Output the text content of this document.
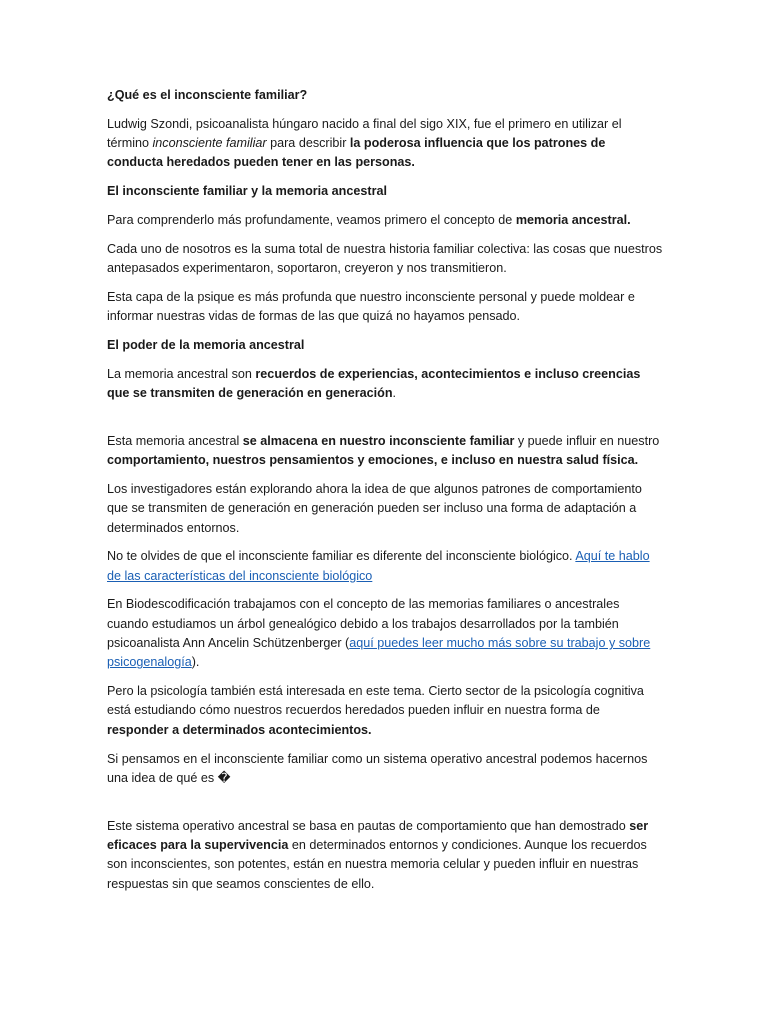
¿Qué es el inconsciente familiar?

Ludwig Szondi, psicoanalista húngaro nacido a final del sigo XIX, fue el primero en utilizar el término inconsciente familiar para describir la poderosa influencia que los patrones de conducta heredados pueden tener en las personas.

El inconsciente familiar y la memoria ancestral

Para comprenderlo más profundamente, veamos primero el concepto de memoria ancestral.

Cada uno de nosotros es la suma total de nuestra historia familiar colectiva: las cosas que nuestros antepasados experimentaron, soportaron, creyeron y nos transmitieron.

Esta capa de la psique es más profunda que nuestro inconsciente personal y puede moldear e informar nuestras vidas de formas de las que quizá no hayamos pensado.

El poder de la memoria ancestral

La memoria ancestral son recuerdos de experiencias, acontecimientos e incluso creencias que se transmiten de generación en generación.

Esta memoria ancestral se almacena en nuestro inconsciente familiar y puede influir en nuestro comportamiento, nuestros pensamientos y emociones, e incluso en nuestra salud física.

Los investigadores están explorando ahora la idea de que algunos patrones de comportamiento que se transmiten de generación en generación pueden ser incluso una forma de adaptación a determinados entornos.

No te olvides de que el inconsciente familiar es diferente del inconsciente biológico. Aquí te hablo de las características del inconsciente biológico

En Biodescodificación trabajamos con el concepto de las memorias familiares o ancestrales cuando estudiamos un árbol genealógico debido a los trabajos desarrollados por la también psicoanalista Ann Ancelin Schützenberger (aquí puedes leer mucho más sobre su trabajo y sobre psicogenalogía).

Pero la psicología también está interesada en este tema. Cierto sector de la psicología cognitiva está estudiando cómo nuestros recuerdos heredados pueden influir en nuestra forma de responder a determinados acontecimientos.

Si pensamos en el inconsciente familiar como un sistema operativo ancestral podemos hacernos una idea de qué es �

Este sistema operativo ancestral se basa en pautas de comportamiento que han demostrado ser eficaces para la supervivencia en determinados entornos y condiciones. Aunque los recuerdos son inconscientes, son potentes, están en nuestra memoria celular y pueden influir en nuestras respuestas sin que seamos conscientes de ello.
